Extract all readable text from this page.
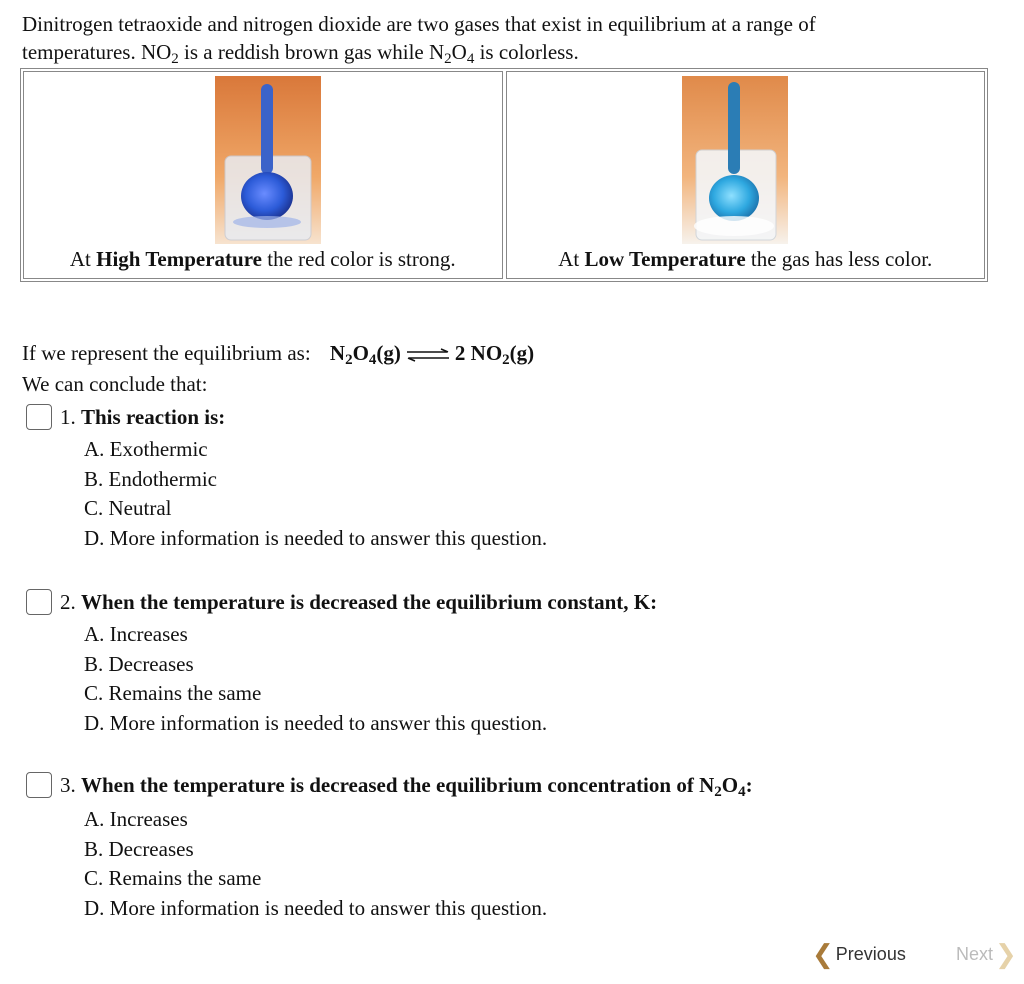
Dinitrogen tetraoxide and nitrogen dioxide are two gases that exist in equilibrium at a range of
temperatures. $NO_2$ is a reddish brown gas while $N_2O_4$ is colorless.
At High Temperature the red color is strong.	At Low Temperature the gas has less color.
If we represent the equilibrium as: $N_2O_4(g)$ ⇌ 2 $NO_2(g)$
We can conclude that:
1. This reaction is:
A. Exothermic
B. Endothermic
C. Neutral
D. More information is needed to answer this question.
2. When the temperature is decreased the equilibrium constant, K:
A. Increases
B. Decreases
C. Remains the same
D. More information is needed to answer this question.
3. When the temperature is decreased the equilibrium concentration of $N_2O_4$:
A. Increases
B. Decreases
C. Remains the same
D. More information is needed to answer this question.
❮ Previous	Next ❯
